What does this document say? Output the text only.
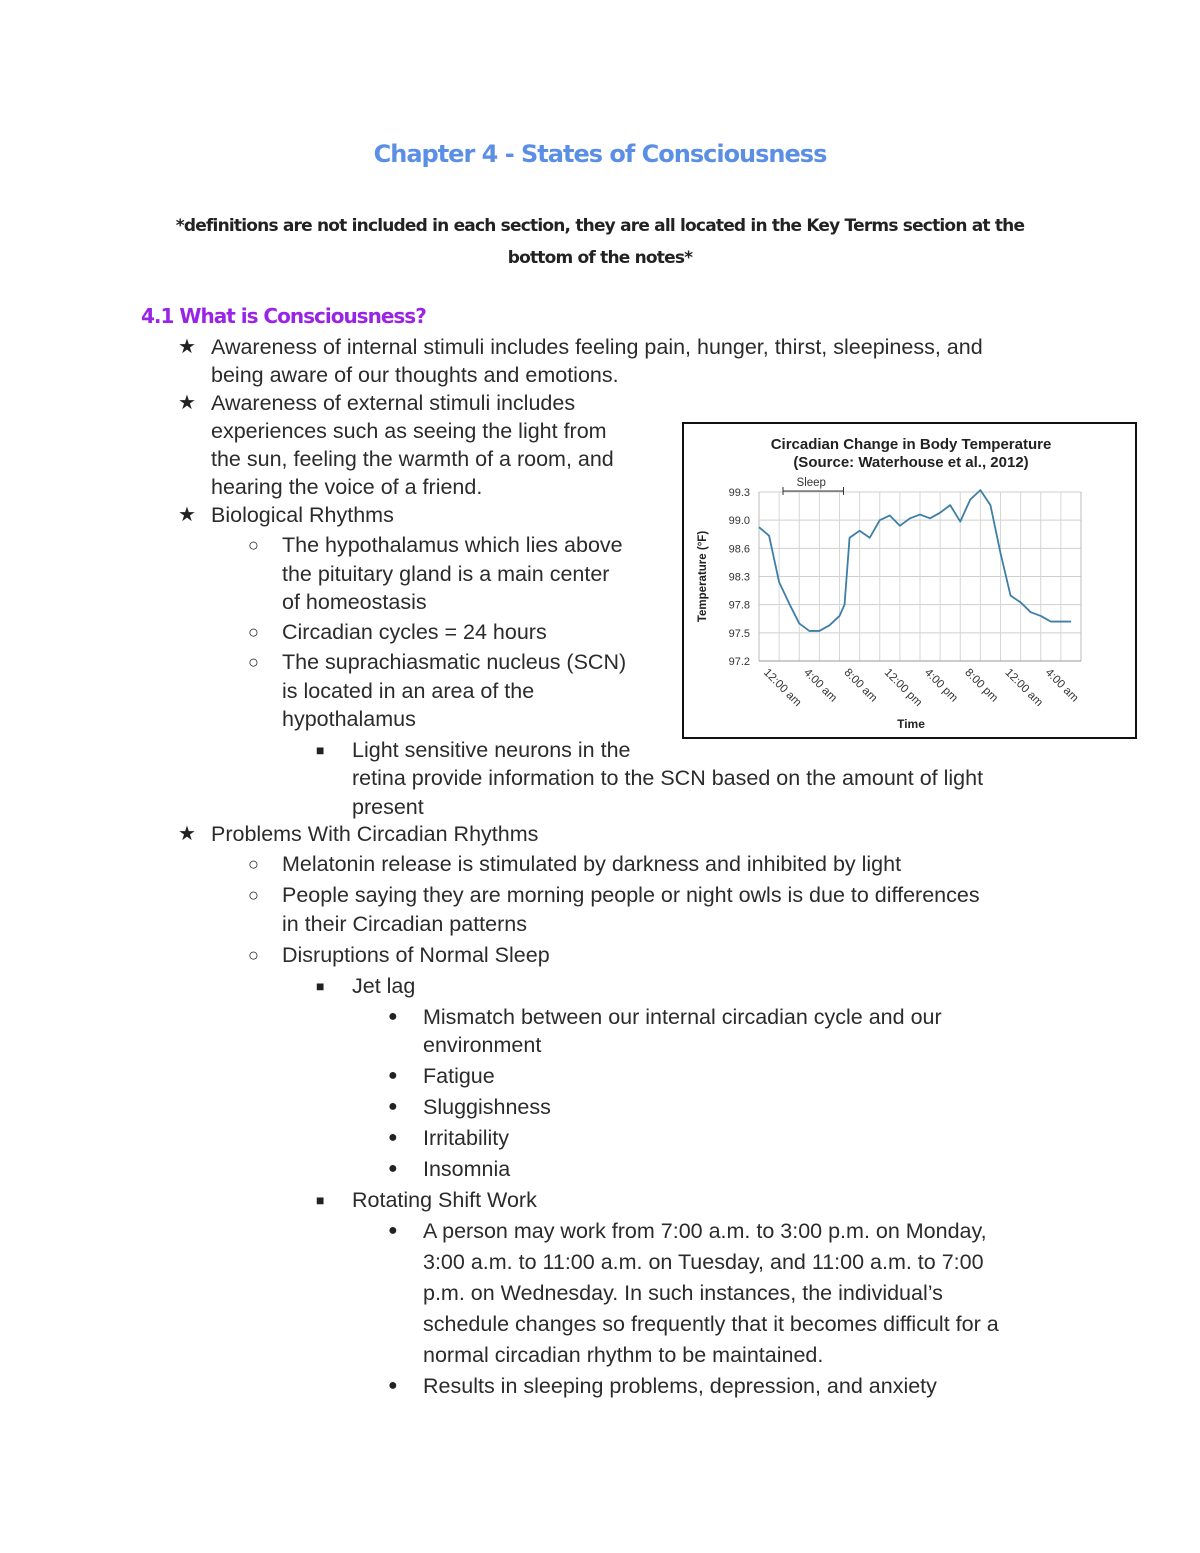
Chapter 4 - States of Consciousness
*definitions are not included in each section, they are all located in the Key Terms section at the
bottom of the notes*
4.1 What is Consciousness?
★ Awareness of internal stimuli includes feeling pain, hunger, thirst, sleepiness, and
being aware of our thoughts and emotions.
★ Awareness of external stimuli includes
experiences such as seeing the light from
the sun, feeling the warmth of a room, and
hearing the voice of a friend.
★ Biological Rhythms
○ The hypothalamus which lies above
the pituitary gland is a main center
of homeostasis
○ Circadian cycles = 24 hours
○ The suprachiasmatic nucleus (SCN)
is located in an area of the
hypothalamus
■ Light sensitive neurons in the
retina provide information to the SCN based on the amount of light
present
★ Problems With Circadian Rhythms
○ Melatonin release is stimulated by darkness and inhibited by light
○ People saying they are morning people or night owls is due to differences
in their Circadian patterns
○ Disruptions of Normal Sleep
■ Jet lag
● Mismatch between our internal circadian cycle and our
environment
● Fatigue
● Sluggishness
● Irritability
● Insomnia
■ Rotating Shift Work
● A person may work from 7:00 a.m. to 3:00 p.m. on Monday,
3:00 a.m. to 11:00 a.m. on Tuesday, and 11:00 a.m. to 7:00
p.m. on Wednesday. In such instances, the individual’s
schedule changes so frequently that it becomes difficult for a
normal circadian rhythm to be maintained.
● Results in sleeping problems, depression, and anxiety
Circadian Change in Body Temperature
(Source: Waterhouse et al., 2012)
97.2
97.5
97.8
98.3
98.6
99.0
99.3
12:00 am
4:00 am 8:00 am 12:00 pm
4:00 pm 8:00 pm 12:00 am
4:00 am
Time
Temperature (°F)
Sleep
